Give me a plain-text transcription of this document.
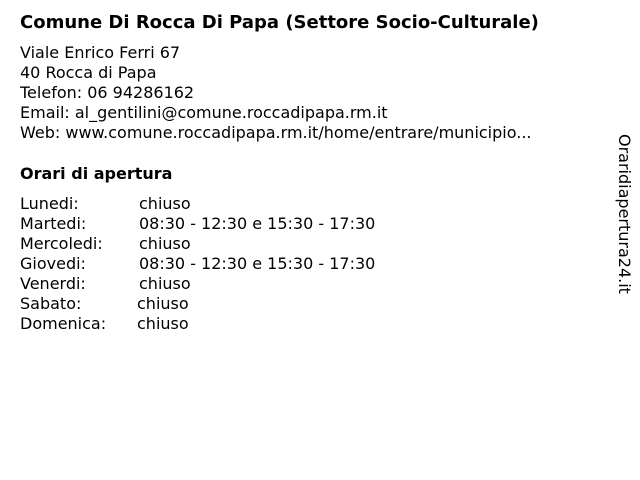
Comune Di Rocca Di Papa (Settore Socio-Culturale)
Viale Enrico Ferri 67
40 Rocca di Papa
Telefon: 06 94286162
Email: al_gentilini@comune.roccadipapa.rm.it
Web: www.comune.roccadipapa.rm.it/home/entrare/municipio...
Orari di apertura
Lunedi:	chiuso
Martedi:	08:30 - 12:30 e 15:30 - 17:30
Mercoledi: chiuso
Giovedi:	08:30 - 12:30 e 15:30 - 17:30
Venerdi:	chiuso
Sabato:	chiuso
Domenica: chiuso
Oraridiapertura24.it
